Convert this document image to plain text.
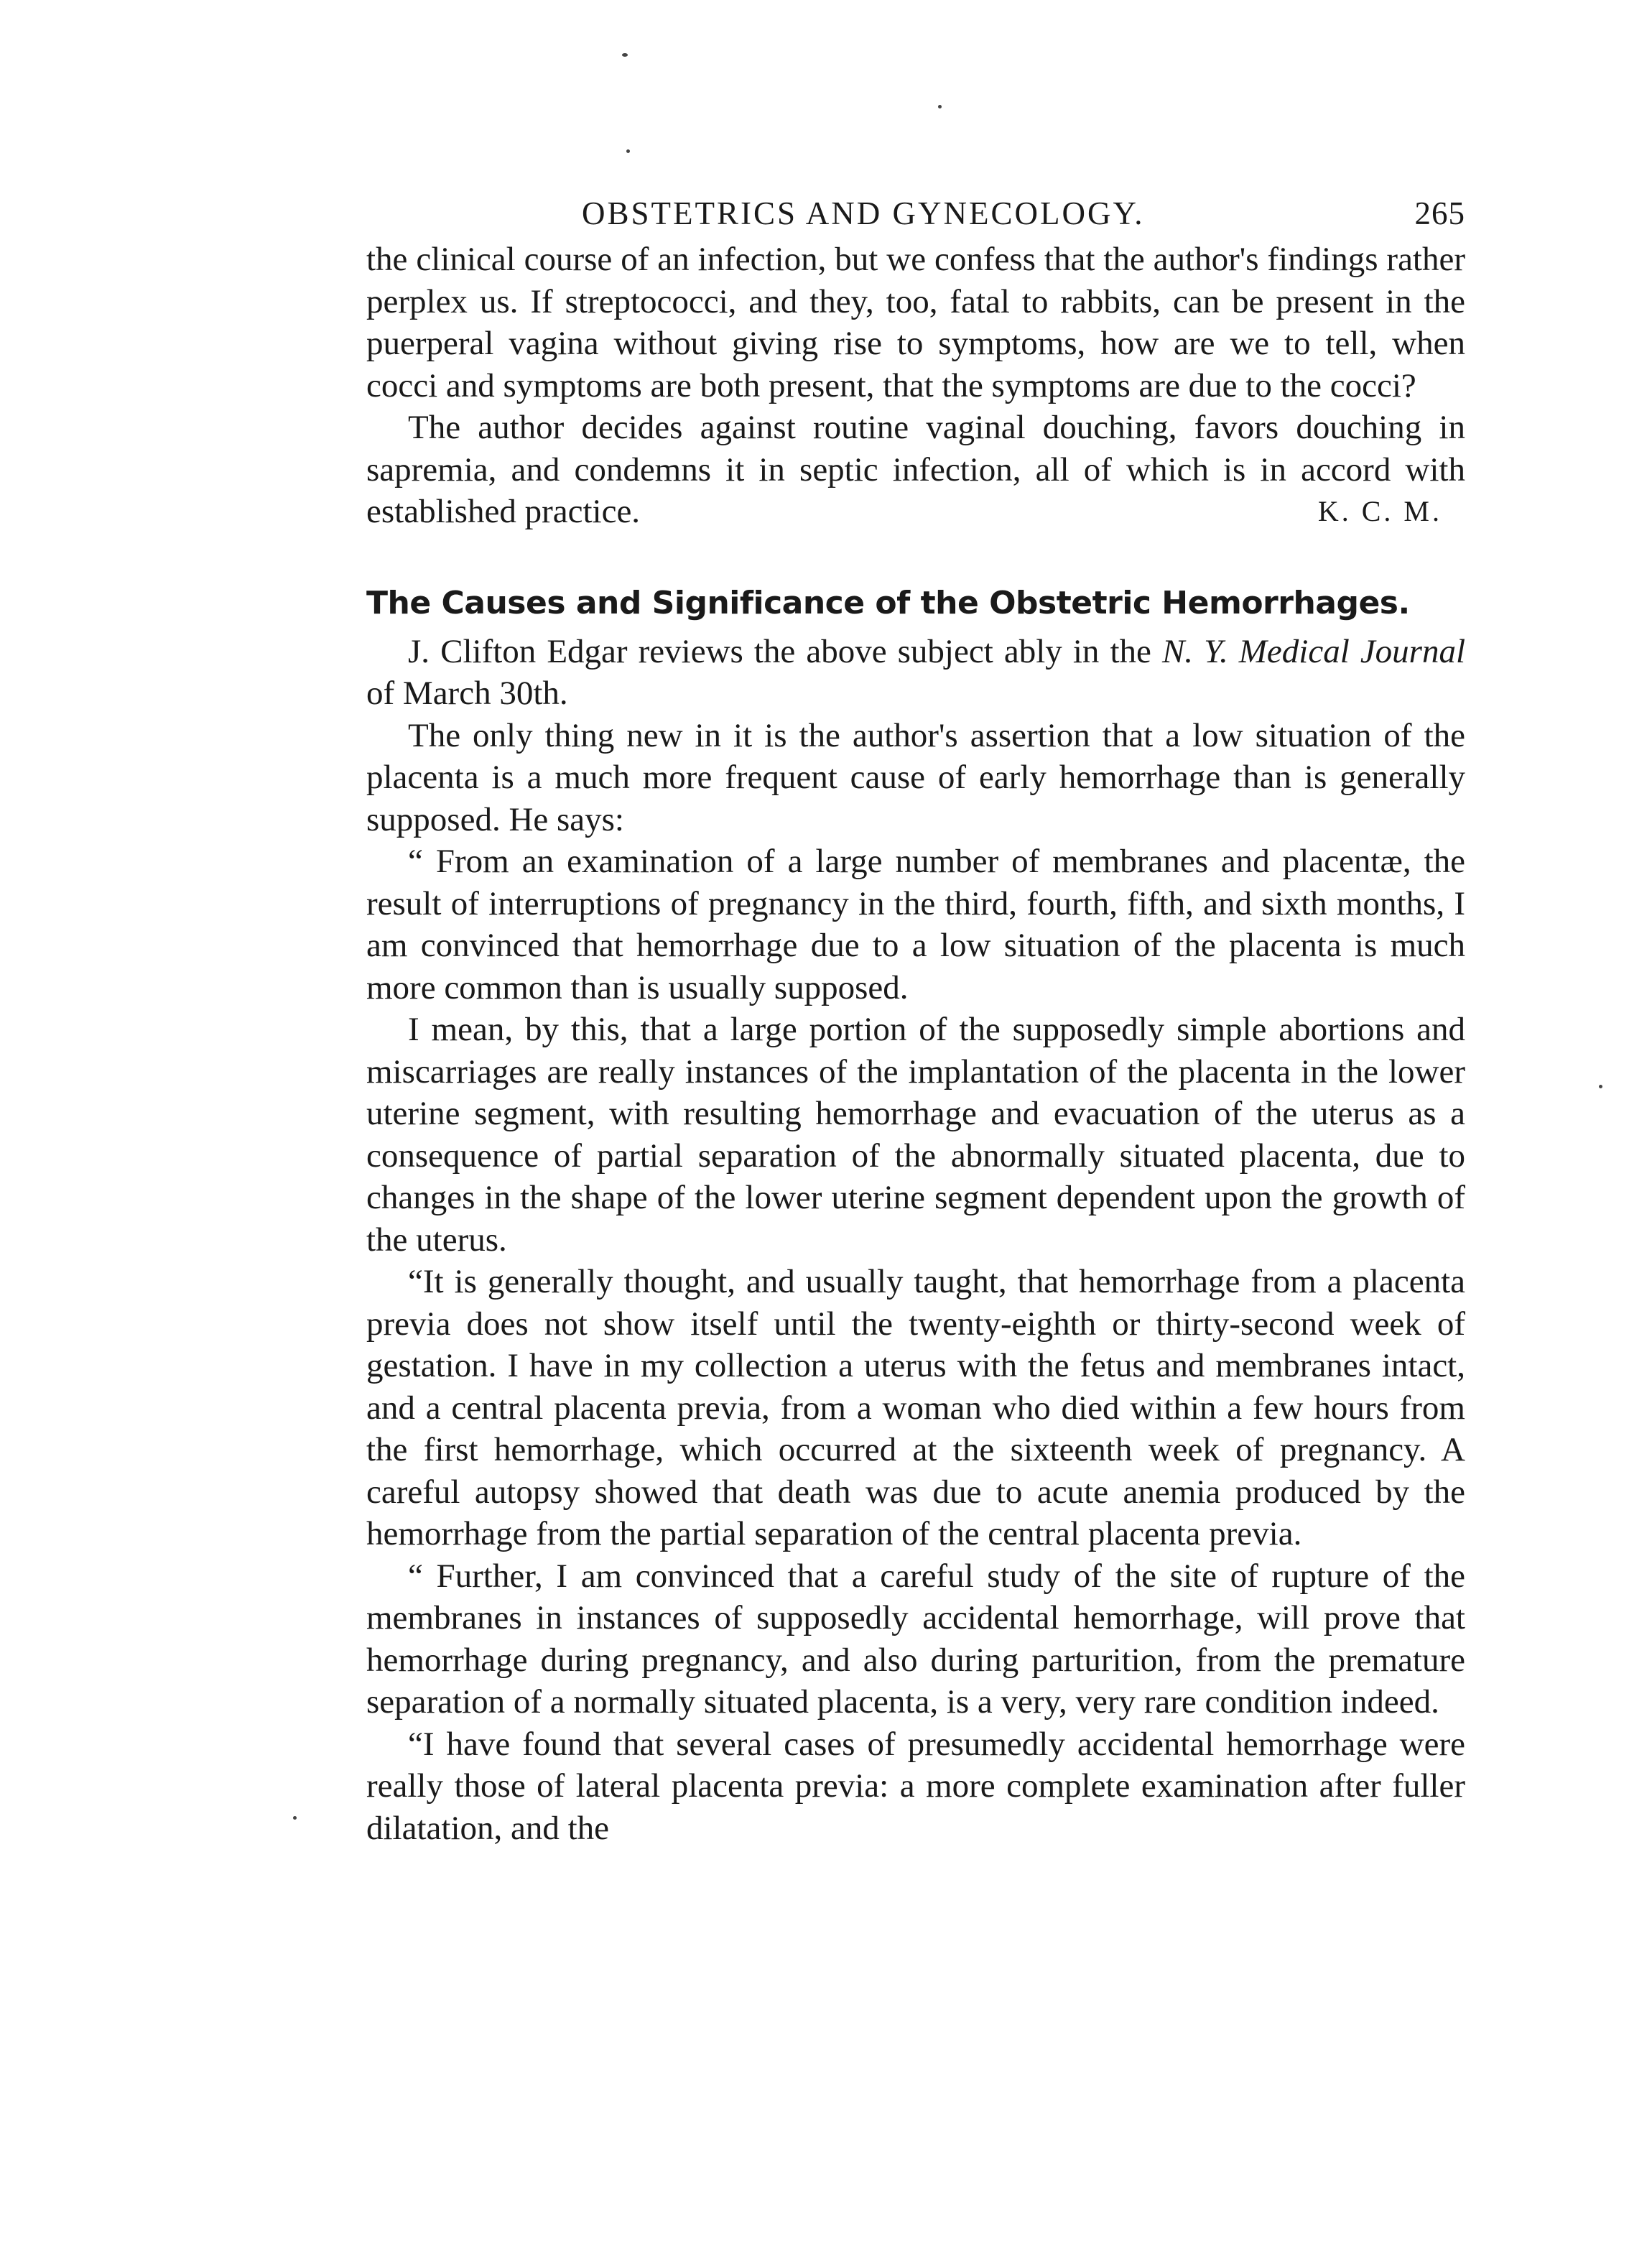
OBSTETRICS AND GYNECOLOGY.	265

the clinical course of an infection, but we confess that the author's findings rather perplex us. If streptococci, and they, too, fatal to rabbits, can be present in the puerperal vagina without giving rise to symptoms, how are we to tell, when cocci and symptoms are both present, that the symptoms are due to the cocci?

The author decides against routine vaginal douching, favors douching in sapremia, and condemns it in septic infection, all of which is in accord with established practice.	K. C. M.

The Causes and Significance of the Obstetric Hemorrhages.

J. Clifton Edgar reviews the above subject ably in the N. Y. Medical Journal of March 30th.

The only thing new in it is the author's assertion that a low situation of the placenta is a much more frequent cause of early hemorrhage than is generally supposed. He says:

“ From an examination of a large number of membranes and placentæ, the result of interruptions of pregnancy in the third, fourth, fifth, and sixth months, I am convinced that hemorrhage due to a low situation of the placenta is much more common than is usually supposed.

I mean, by this, that a large portion of the supposedly simple abortions and miscarriages are really instances of the implantation of the placenta in the lower uterine segment, with resulting hemorrhage and evacuation of the uterus as a consequence of partial separation of the abnormally situated placenta, due to changes in the shape of the lower uterine segment dependent upon the growth of the uterus.

“It is generally thought, and usually taught, that hemorrhage from a placenta previa does not show itself until the twenty-eighth or thirty-second week of gestation. I have in my collection a uterus with the fetus and membranes intact, and a central placenta previa, from a woman who died within a few hours from the first hemorrhage, which occurred at the sixteenth week of pregnancy. A careful autopsy showed that death was due to acute anemia produced by the hemorrhage from the partial separation of the central placenta previa.

“ Further, I am convinced that a careful study of the site of rupture of the membranes in instances of supposedly accidental hemorrhage, will prove that hemorrhage during pregnancy, and also during parturition, from the premature separation of a normally situated placenta, is a very, very rare condition indeed.

“I have found that several cases of presumedly accidental hemorrhage were really those of lateral placenta previa: a more complete examination after fuller dilatation, and the
